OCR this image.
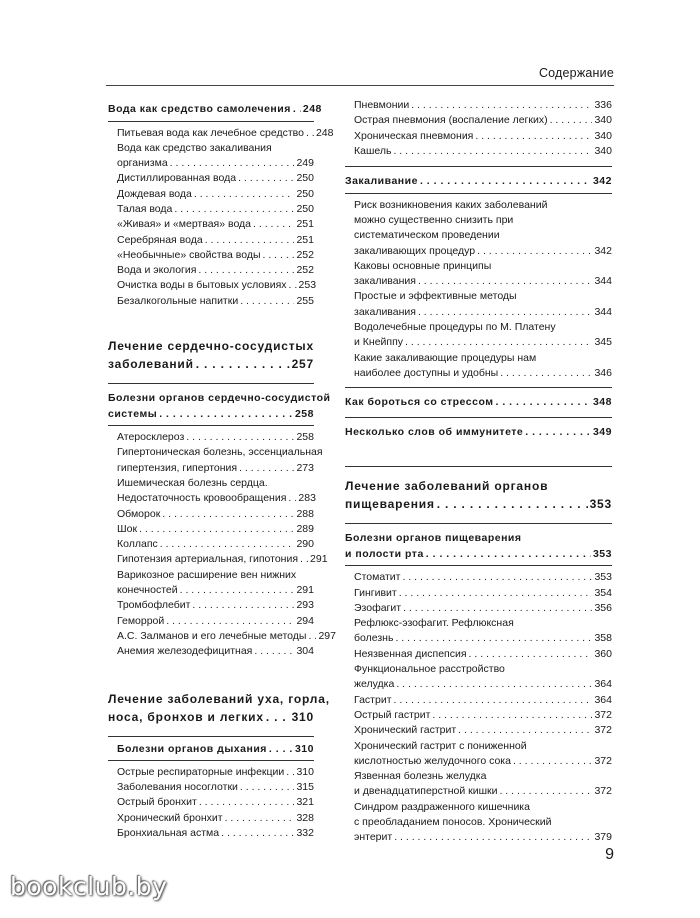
Содержание
Вода как средство самолечения . . . 248
Питьевая вода как лечебное средство . . . 248
Вода как средство закаливания
организма . . .	249
Дистиллированная вода . . .	250
Дождевая вода . . .	250
Талая вода . . .	250
«Живая» и «мертвая» вода . . .	251
Серебряная вода . . .	251
«Необычные» свойства воды . . .	252
Вода и экология . . .	252
Очистка воды в бытовых условиях . . . 253
Безалкогольные напитки . . .	255
Лечение сердечно-сосудистых
заболеваний . . .	257
Болезни органов сердечно-сосудистой
системы . . .	258
Атеросклероз . . .	258
Гипертоническая болезнь, эссенциальная
гипертензия, гипертония . . .	273
Ишемическая болезнь сердца.
Недостаточность кровообращения . . . 283
Обморок . . .	288
Шок . . .	289
Коллапс . . .	290
Гипотензия артериальная, гипотония . . . 291
Варикозное расширение вен нижних
конечностей . . .	291
Тромбофлебит . . .	293
Геморрой . . .	294
А.С. Залманов и его лечебные методы . . . 297
Анемия железодефицитная . . .	304
Лечение заболеваний уха, горла,
носа, бронхов и легких . . . 310
Болезни органов дыхания . . .	310
Острые респираторные инфекции . . . 310
Заболевания носоглотки . . .	315
Острый бронхит . . .	321
Хронический бронхит . . .	328
Бронхиальная астма . . .	332
Пневмонии . . .	336
Острая пневмония (воспаление легких) . . .	340
Хроническая пневмония . . .	340
Кашель . . .	340
Закаливание . . .	342
Риск возникновения каких заболеваний
можно существенно снизить при
систематическом проведении
закаливающих процедур . . .	342
Каковы основные принципы
закаливания . . .	344
Простые и эффективные методы
закаливания . . .	344
Водолечебные процедуры по М. Платену
и Кнейппу . . .	345
Какие закаливающие процедуры нам
наиболее доступны и удобны . . .	346
Как бороться со стрессом . . .	348
Несколько слов об иммунитете . . .	349
Лечение заболеваний органов
пищеварения . . .	353
Болезни органов пищеварения
и полости рта . . .	353
Стоматит . . .	353
Гингивит . . .	354
Эзофагит . . .	356
Рефлюкс-эзофагит. Рефлюксная
болезнь . . .	358
Неязвенная диспепсия . . .	360
Функциональное расстройство
желудка . . .	364
Гастрит . . .	364
Острый гастрит . . .	372
Хронический гастрит . . .	372
Хронический гастрит с пониженной
кислотностью желудочного сока . . .	372
Язвенная болезнь желудка
и двенадцатиперстной кишки . . .	372
Синдром раздраженного кишечника
с преобладанием поносов. Хронический
энтерит . . .	379
9
bookclub.by
